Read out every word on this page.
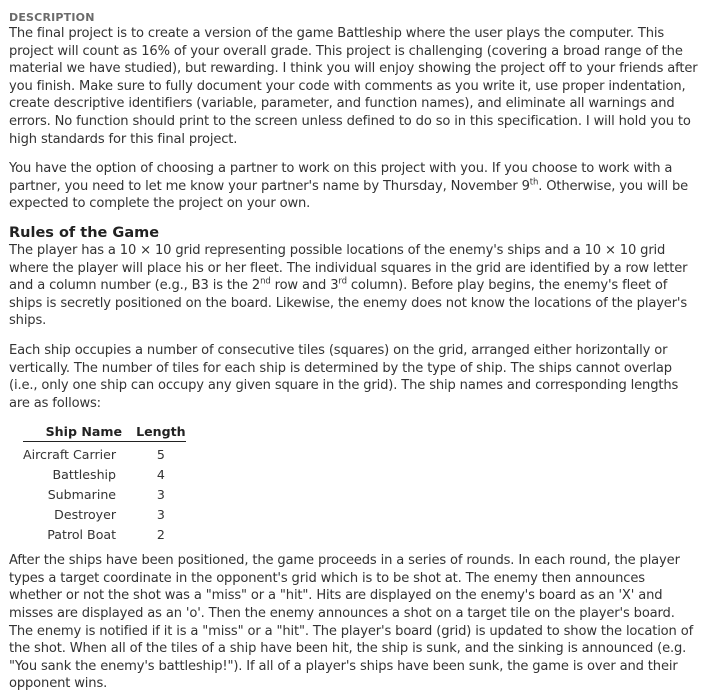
DESCRIPTION

The final project is to create a version of the game Battleship where the user plays the computer. This project will count as 16% of your overall grade. This project is challenging (covering a broad range of the material we have studied), but rewarding. I think you will enjoy showing the project off to your friends after you finish. Make sure to fully document your code with comments as you write it, use proper indentation, create descriptive identifiers (variable, parameter, and function names), and eliminate all warnings and errors. No function should print to the screen unless defined to do so in this specification. I will hold you to high standards for this final project.

You have the option of choosing a partner to work on this project with you. If you choose to work with a partner, you need to let me know your partner's name by Thursday, November 9th. Otherwise, you will be expected to complete the project on your own.

Rules of the Game

The player has a 10 × 10 grid representing possible locations of the enemy's ships and a 10 × 10 grid where the player will place his or her fleet. The individual squares in the grid are identified by a row letter and a column number (e.g., B3 is the 2nd row and 3rd column). Before play begins, the enemy's fleet of ships is secretly positioned on the board. Likewise, the enemy does not know the locations of the player's ships.

Each ship occupies a number of consecutive tiles (squares) on the grid, arranged either horizontally or vertically. The number of tiles for each ship is determined by the type of ship. The ships cannot overlap (i.e., only one ship can occupy any given square in the grid). The ship names and corresponding lengths are as follows:

Ship Name	Length
Aircraft Carrier	5
Battleship	4
Submarine	3
Destroyer	3
Patrol Boat	2

After the ships have been positioned, the game proceeds in a series of rounds. In each round, the player types a target coordinate in the opponent's grid which is to be shot at. The enemy then announces whether or not the shot was a "miss" or a "hit". Hits are displayed on the enemy's board as an 'X' and misses are displayed as an 'o'. Then the enemy announces a shot on a target tile on the player's board. The enemy is notified if it is a "miss" or a "hit". The player's board (grid) is updated to show the location of the shot. When all of the tiles of a ship have been hit, the ship is sunk, and the sinking is announced (e.g. "You sank the enemy's battleship!"). If all of a player's ships have been sunk, the game is over and their opponent wins.
